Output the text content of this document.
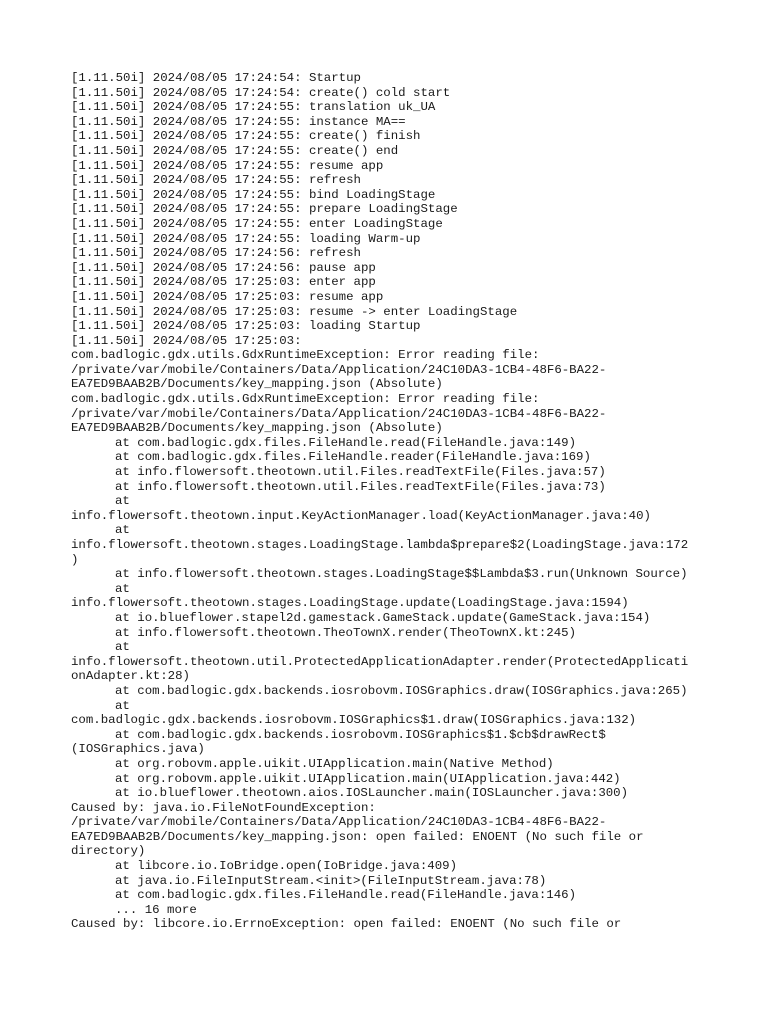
[1.11.50i] 2024/08/05 17:24:54: Startup
[1.11.50i] 2024/08/05 17:24:54: create() cold start
[1.11.50i] 2024/08/05 17:24:55: translation uk_UA
[1.11.50i] 2024/08/05 17:24:55: instance MA==
[1.11.50i] 2024/08/05 17:24:55: create() finish
[1.11.50i] 2024/08/05 17:24:55: create() end
[1.11.50i] 2024/08/05 17:24:55: resume app
[1.11.50i] 2024/08/05 17:24:55: refresh
[1.11.50i] 2024/08/05 17:24:55: bind LoadingStage
[1.11.50i] 2024/08/05 17:24:55: prepare LoadingStage
[1.11.50i] 2024/08/05 17:24:55: enter LoadingStage
[1.11.50i] 2024/08/05 17:24:55: loading Warm-up
[1.11.50i] 2024/08/05 17:24:56: refresh
[1.11.50i] 2024/08/05 17:24:56: pause app
[1.11.50i] 2024/08/05 17:25:03: enter app
[1.11.50i] 2024/08/05 17:25:03: resume app
[1.11.50i] 2024/08/05 17:25:03: resume -> enter LoadingStage
[1.11.50i] 2024/08/05 17:25:03: loading Startup
[1.11.50i] 2024/08/05 17:25:03:
com.badlogic.gdx.utils.GdxRuntimeException: Error reading file:
/private/var/mobile/Containers/Data/Application/24C10DA3-1CB4-48F6-BA22-
EA7ED9BAAB2B/Documents/key_mapping.json (Absolute)
com.badlogic.gdx.utils.GdxRuntimeException: Error reading file:
/private/var/mobile/Containers/Data/Application/24C10DA3-1CB4-48F6-BA22-
EA7ED9BAAB2B/Documents/key_mapping.json (Absolute)
at com.badlogic.gdx.files.FileHandle.read(FileHandle.java:149)
at com.badlogic.gdx.files.FileHandle.reader(FileHandle.java:169)
at info.flowersoft.theotown.util.Files.readTextFile(Files.java:57)
at info.flowersoft.theotown.util.Files.readTextFile(Files.java:73)
at
info.flowersoft.theotown.input.KeyActionManager.load(KeyActionManager.java:40)
at
info.flowersoft.theotown.stages.LoadingStage.lambda$prepare$2(LoadingStage.java:172
)
at info.flowersoft.theotown.stages.LoadingStage$$Lambda$3.run(Unknown Source)
at
info.flowersoft.theotown.stages.LoadingStage.update(LoadingStage.java:1594)
at io.blueflower.stapel2d.gamestack.GameStack.update(GameStack.java:154)
at info.flowersoft.theotown.TheoTownX.render(TheoTownX.kt:245)
at
info.flowersoft.theotown.util.ProtectedApplicationAdapter.render(ProtectedApplicati
onAdapter.kt:28)
at com.badlogic.gdx.backends.iosrobovm.IOSGraphics.draw(IOSGraphics.java:265)
at
com.badlogic.gdx.backends.iosrobovm.IOSGraphics$1.draw(IOSGraphics.java:132)
at com.badlogic.gdx.backends.iosrobovm.IOSGraphics$1.$cb$drawRect$
(IOSGraphics.java)
at org.robovm.apple.uikit.UIApplication.main(Native Method)
at org.robovm.apple.uikit.UIApplication.main(UIApplication.java:442)
at io.blueflower.theotown.aios.IOSLauncher.main(IOSLauncher.java:300)
Caused by: java.io.FileNotFoundException:
/private/var/mobile/Containers/Data/Application/24C10DA3-1CB4-48F6-BA22-
EA7ED9BAAB2B/Documents/key_mapping.json: open failed: ENOENT (No such file or
directory)
at libcore.io.IoBridge.open(IoBridge.java:409)
at java.io.FileInputStream.<init>(FileInputStream.java:78)
at com.badlogic.gdx.files.FileHandle.read(FileHandle.java:146)
... 16 more
Caused by: libcore.io.ErrnoException: open failed: ENOENT (No such file or
